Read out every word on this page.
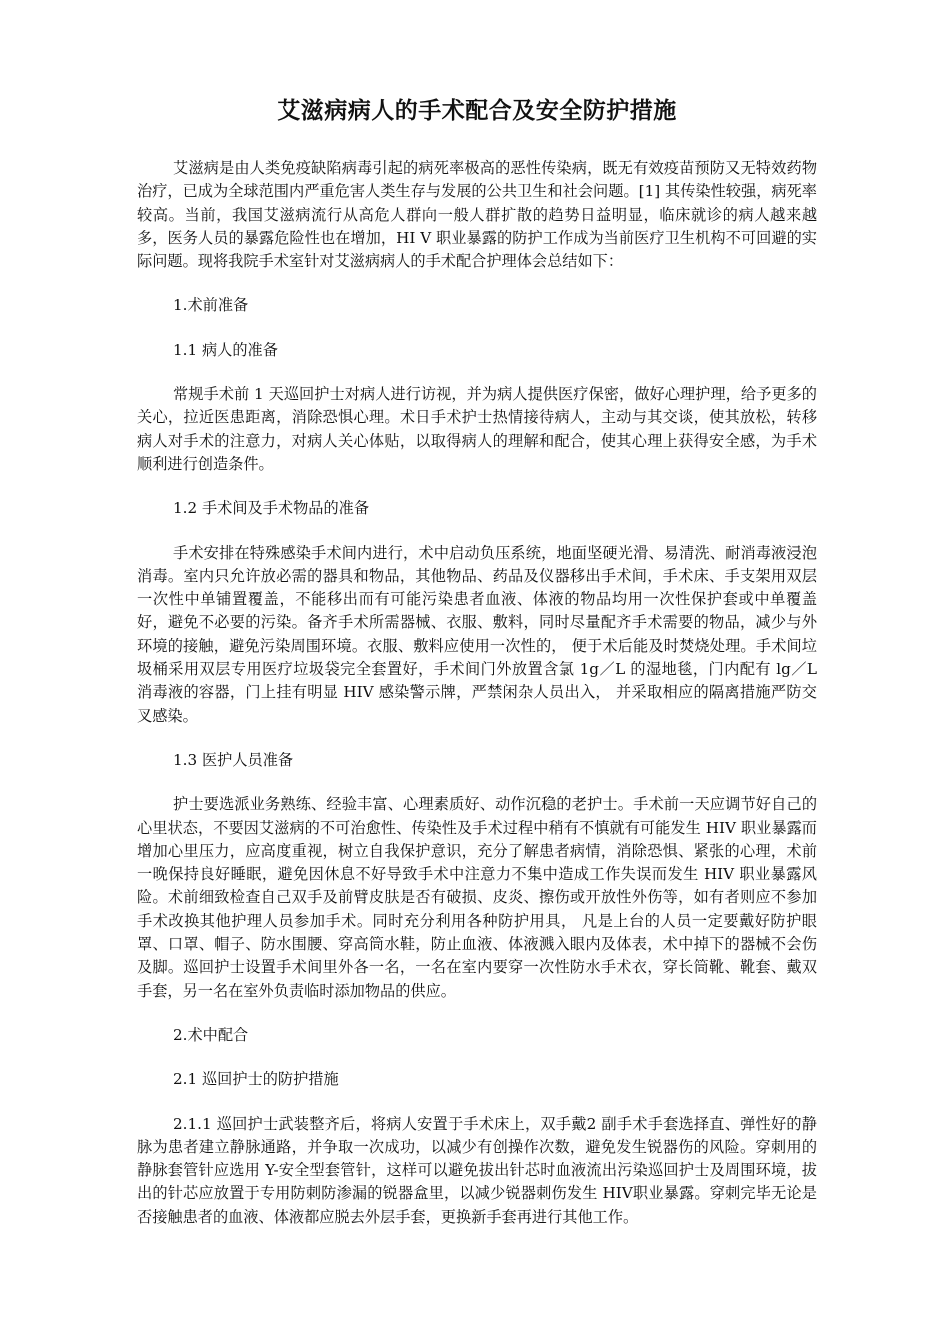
艾滋病病人的手术配合及安全防护措施

艾滋病是由人类免疫缺陷病毒引起的病死率极高的恶性传染病，既无有效疫苗预防又无特效药物治疗，已成为全球范围内严重危害人类生存与发展的公共卫生和社会问题。[1] 其传染性较强，病死率较高。当前，我国艾滋病流行从高危人群向一般人群扩散的趋势日益明显，临床就诊的病人越来越多，医务人员的暴露危险性也在增加，HI V 职业暴露的防护工作成为当前医疗卫生机构不可回避的实际问题。现将我院手术室针对艾滋病病人的手术配合护理体会总结如下：

1.术前准备

1.1 病人的准备

常规手术前 1 天巡回护士对病人进行访视，并为病人提供医疗保密，做好心理护理，给予更多的关心，拉近医患距离，消除恐惧心理。术日手术护士热情接待病人，主动与其交谈，使其放松，转移病人对手术的注意力，对病人关心体贴，以取得病人的理解和配合，使其心理上获得安全感，为手术顺利进行创造条件。

1.2 手术间及手术物品的准备

手术安排在特殊感染手术间内进行，术中启动负压系统，地面坚硬光滑、易清洗、耐消毒液浸泡消毒。室内只允许放必需的器具和物品，其他物品、药品及仪器移出手术间，手术床、手支架用双层一次性中单铺置覆盖，不能移出而有可能污染患者血液、体液的物品均用一次性保护套或中单覆盖好，避免不必要的污染。备齐手术所需器械、衣服、敷料，同时尽量配齐手术需要的物品，减少与外环境的接触，避免污染周围环境。衣服、敷料应使用一次性的， 便于术后能及时焚烧处理。手术间垃圾桶采用双层专用医疗垃圾袋完全套置好，手术间门外放置含氯 1g／L 的湿地毯，门内配有 lg／L 消毒液的容器，门上挂有明显 HIV 感染警示牌，严禁闲杂人员出入， 并采取相应的隔离措施严防交叉感染。

1.3 医护人员准备

护士要选派业务熟练、经验丰富、心理素质好、动作沉稳的老护士。手术前一天应调节好自己的心里状态，不要因艾滋病的不可治愈性、传染性及手术过程中稍有不慎就有可能发生 HIV 职业暴露而增加心里压力，应高度重视，树立自我保护意识，充分了解患者病情，消除恐惧、紧张的心理，术前一晚保持良好睡眠，避免因休息不好导致手术中注意力不集中造成工作失误而发生 HIV 职业暴露风险。术前细致检查自己双手及前臂皮肤是否有破损、皮炎、擦伤或开放性外伤等，如有者则应不参加手术改换其他护理人员参加手术。同时充分利用各种防护用具， 凡是上台的人员一定要戴好防护眼罩、口罩、帽子、防水围腰、穿高筒水鞋，防止血液、体液溅入眼内及体表，术中掉下的器械不会伤及脚。巡回护士设置手术间里外各一名，一名在室内要穿一次性防水手术衣，穿长筒靴、靴套、戴双手套，另一名在室外负责临时添加物品的供应。

2.术中配合

2.1 巡回护士的防护措施

2.1.1 巡回护士武装整齐后，将病人安置于手术床上，双手戴2 副手术手套选择直、弹性好的静脉为患者建立静脉通路，并争取一次成功，以减少有创操作次数，避免发生锐器伤的风险。穿刺用的静脉套管针应选用 Y-安全型套管针，这样可以避免拔出针芯时血液流出污染巡回护士及周围环境，拔出的针芯应放置于专用防刺防渗漏的锐器盒里，以减少锐器刺伤发生 HIV职业暴露。穿刺完毕无论是否接触患者的血液、体液都应脱去外层手套，更换新手套再进行其他工作。
